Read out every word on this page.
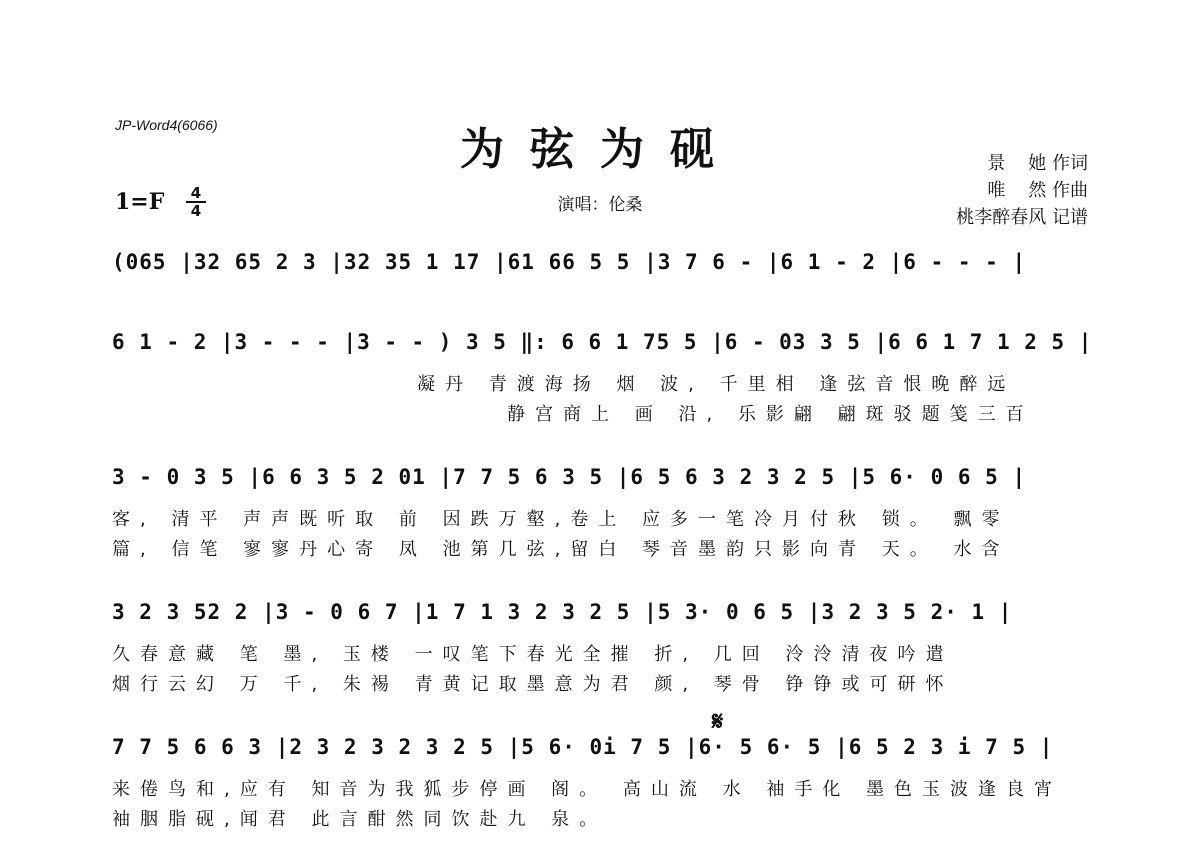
JP-Word4(6066)	为弦为砚
1=F	4
4	演唱：伦桑
景    她 作词
唯    然 作曲
桃李醉春风 记谱
(065 |32 65 2 3 |32 35 1 17 |61 66 5 5 |3 7 6 - |6 1 - 2 |6 - - - |
6 1 - 2 |3 - - - |3 - - ) 3 5 ‖: 6 6 1 75 5 |6 - 03 3 5 |6 6 1 7 1 2 5 |
凝丹 青渡海扬 烟 波, 千里相 逢弦音恨晚醉远
静宫商上 画 沿, 乐影翩 翩斑驳题笺三百
3 - 0 3 5 |6 6 3 5 2 01 |7 7 5 6 3 5 |6 5 6 3 2 3 2 5 |5 6· 0 6 5 |
客, 清平 声声既听取 前 因跌万壑,卷上 应多一笔冷月付秋 锁。 飘零
篇, 信笔 寥寥丹心寄 凤 池第几弦,留白 琴音墨韵只影向青 天。 水含
3 2 3 52 2 |3 - 0 6 7 |1 7 1 3 2 3 2 5 |5 3· 0 6 5 |3 2 3 5 2· 1 |
久春意藏 笔 墨, 玉楼 一叹笔下春光全摧 折, 几回 泠泠清夜吟遣
烟行云幻 万 千, 朱裼 青黄记取墨意为君 颜, 琴骨 铮铮或可研怀
𝄋
7 7 5 6 6 3 |2 3 2 3 2 3 2 5 |5 6· 0i 7 5 |6· 5 6· 5 |6 5 2 3 i 7 5 |
来倦鸟和,应有 知音为我狐步停画 阁。 高山流 水 袖手化 墨色玉波逢良宵
袖胭脂砚,闻君 此言酣然同饮赴九 泉。
